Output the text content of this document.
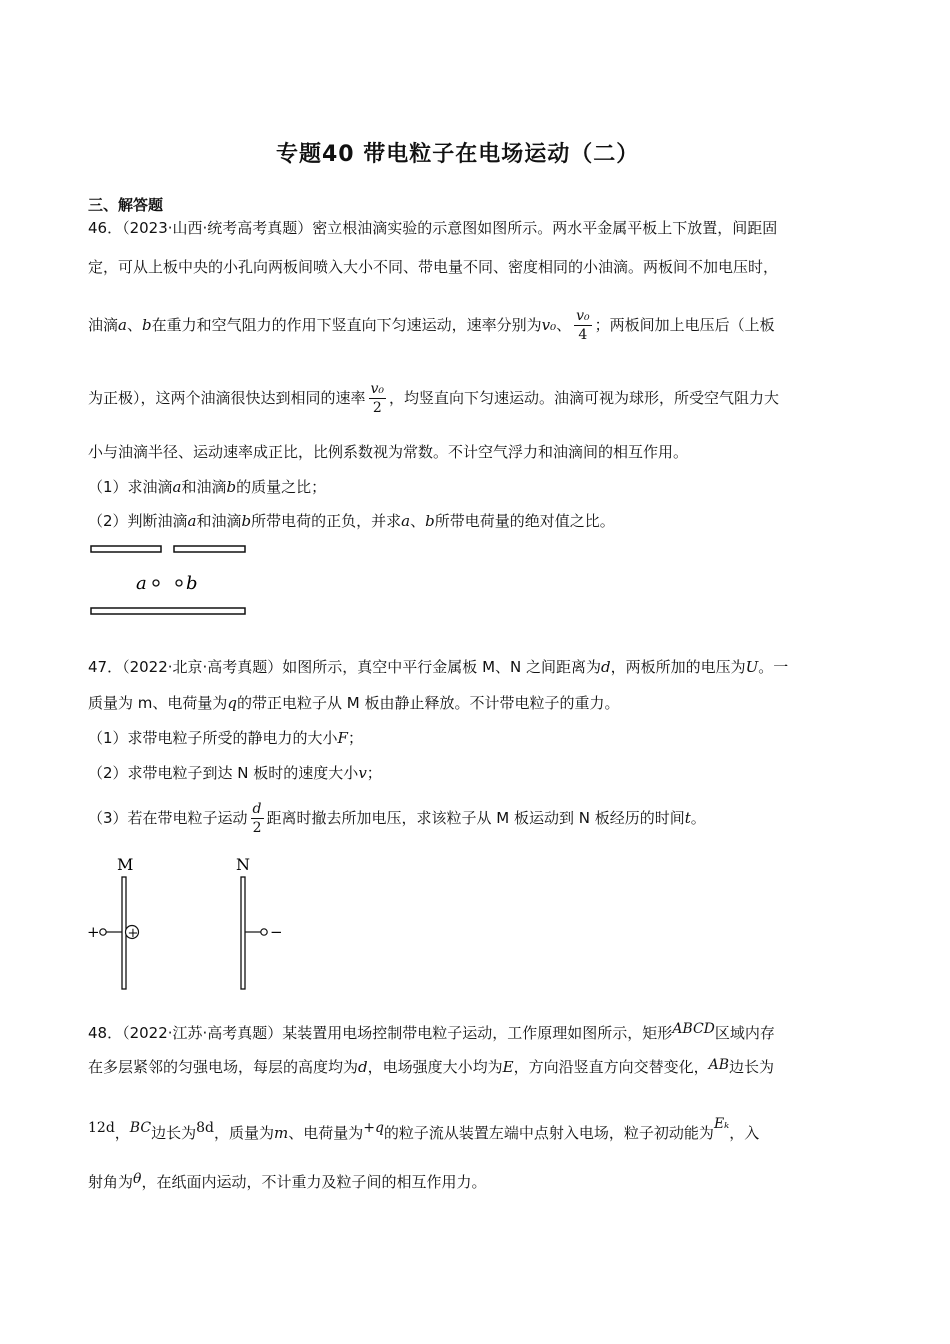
专题40 带电粒子在电场运动（二）
三、解答题
46．（2023·山西·统考高考真题）密立根油滴实验的示意图如图所示。两水平金属平板上下放置，间距固
定，可从上板中央的小孔向两板间喷入大小不同、带电量不同、密度相同的小油滴。两板间不加电压时，
油滴a、b在重力和空气阻力的作用下竖直向下匀速运动，速率分别为v₀、 $\frac{\text{v₀}}{4}$ ；两板间加上电压后（上板
为正极），这两个油滴很快达到相同的速率 $\frac{\text{v₀}}{2}$ ，均竖直向下匀速运动。油滴可视为球形，所受空气阻力大
小与油滴半径、运动速率成正比，比例系数视为常数。不计空气浮力和油滴间的相互作用。
（1）求油滴a和油滴b的质量之比；
（2）判断油滴a和油滴b所带电荷的正负，并求a、b所带电荷量的绝对值之比。
a b
47．（2022·北京·高考真题）如图所示，真空中平行金属板 M、N 之间距离为d，两板所加的电压为U。一
质量为 m、电荷量为q的带正电粒子从 M 板由静止释放。不计带电粒子的重力。
（1）求带电粒子所受的静电力的大小F；
（2）求带电粒子到达 N 板时的速度大小v；
（3）若在带电粒子运动 $\frac{d}{2}$ 距离时撤去所加电压，求该粒子从 M 板运动到 N 板经历的时间t。
M	N
+ +	−
48．（2022·江苏·高考真题）某装置用电场控制带电粒子运动，工作原理如图所示，矩形ABCD区域内存
在多层紧邻的匀强电场，每层的高度均为d，电场强度大小均为E，方向沿竖直方向交替变化，AB边长为
12d，BC边长为8d，质量为m、电荷量为+q的粒子流从装置左端中点射入电场，粒子初动能为Eₖ，入
射角为θ，在纸面内运动，不计重力及粒子间的相互作用力。
